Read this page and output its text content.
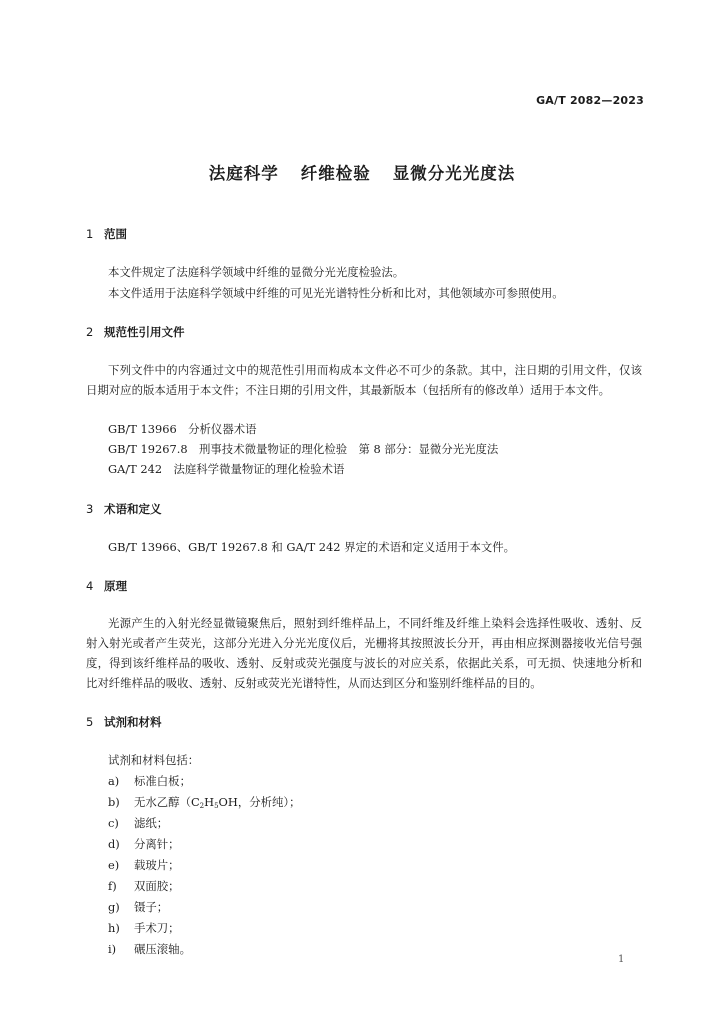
GA/T 2082—2023
法庭科学 纤维检验 显微分光光度法
1 范围
本文件规定了法庭科学领域中纤维的显微分光光度检验法。
本文件适用于法庭科学领域中纤维的可见光光谱特性分析和比对，其他领域亦可参照使用。
2 规范性引用文件
下列文件中的内容通过文中的规范性引用而构成本文件必不可少的条款。其中，注日期的引用文件，仅该日期对应的版本适用于本文件；不注日期的引用文件，其最新版本（包括所有的修改单）适用于本文件。
GB/T 13966　分析仪器术语
GB/T 19267.8　刑事技术微量物证的理化检验　第 8 部分：显微分光光度法
GA/T 242　法庭科学微量物证的理化检验术语
3 术语和定义
GB/T 13966、GB/T 19267.8 和 GA/T 242 界定的术语和定义适用于本文件。
4 原理
光源产生的入射光经显微镜聚焦后，照射到纤维样品上，不同纤维及纤维上染料会选择性吸收、透射、反射入射光或者产生荧光，这部分光进入分光光度仪后，光栅将其按照波长分开，再由相应探测器接收光信号强度，得到该纤维样品的吸收、透射、反射或荧光强度与波长的对应关系，依据此关系，可无损、快速地分析和比对纤维样品的吸收、透射、反射或荧光光谱特性，从而达到区分和鉴别纤维样品的目的。
5 试剂和材料
试剂和材料包括：
a) 标准白板；
b) 无水乙醇（$C_2H_5OH$，分析纯）；
c) 滤纸；
d) 分离针；
e) 载玻片；
f) 双面胶；
g) 镊子；
h) 手术刀；
i) 碾压滚轴。
1
